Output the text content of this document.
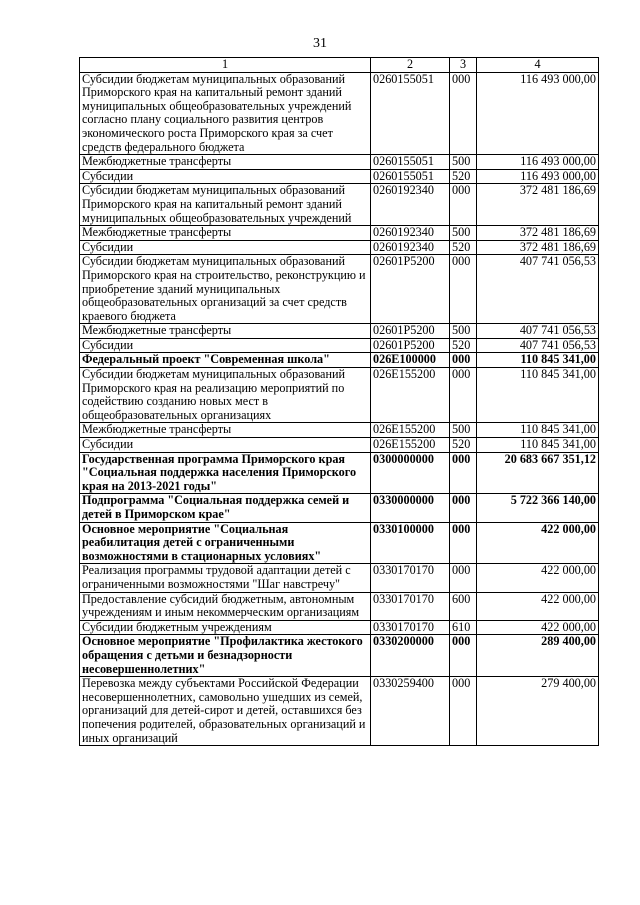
31
1	2	3	4
Субсидии бюджетам муниципальных образований Приморского края на капитальный ремонт зданий муниципальных общеобразовательных учреждений согласно плану социального развития центров экономического роста Приморского края за счет средств федерального бюджета	0260155051	000	116 493 000,00
Межбюджетные трансферты	0260155051	500	116 493 000,00
Субсидии	0260155051	520	116 493 000,00
Субсидии бюджетам муниципальных образований Приморского края на капитальный ремонт зданий муниципальных общеобразовательных учреждений	0260192340	000	372 481 186,69
Межбюджетные трансферты	0260192340	500	372 481 186,69
Субсидии	0260192340	520	372 481 186,69
Субсидии бюджетам муниципальных образований Приморского края на строительство, реконструкцию и приобретение зданий муниципальных общеобразовательных организаций за счет средств краевого бюджета	02601P5200	000	407 741 056,53
Межбюджетные трансферты	02601P5200	500	407 741 056,53
Субсидии	02601P5200	520	407 741 056,53
Федеральный проект "Современная школа"	026E100000	000	110 845 341,00
Субсидии бюджетам муниципальных образований Приморского края на реализацию мероприятий по содействию созданию новых мест в общеобразовательных организациях	026E155200	000	110 845 341,00
Межбюджетные трансферты	026E155200	500	110 845 341,00
Субсидии	026E155200	520	110 845 341,00
Государственная программа Приморского края "Социальная поддержка населения Приморского края на 2013-2021 годы"	0300000000	000	20 683 667 351,12
Подпрограмма "Социальная поддержка семей и детей в Приморском крае"	0330000000	000	5 722 366 140,00
Основное мероприятие "Социальная реабилитация детей с ограниченными возможностями в стационарных условиях"	0330100000	000	422 000,00
Реализация программы трудовой адаптации детей с ограниченными возможностями "Шаг навстречу"	0330170170	000	422 000,00
Предоставление субсидий бюджетным, автономным учреждениям и иным некоммерческим организациям	0330170170	600	422 000,00
Субсидии бюджетным учреждениям	0330170170	610	422 000,00
Основное мероприятие "Профилактика жестокого обращения с детьми и безнадзорности несовершеннолетних"	0330200000	000	289 400,00
Перевозка между субъектами Российской Федерации несовершеннолетних, самовольно ушедших из семей, организаций для детей-сирот и детей, оставшихся без попечения родителей, образовательных организаций и иных организаций	0330259400	000	279 400,00
